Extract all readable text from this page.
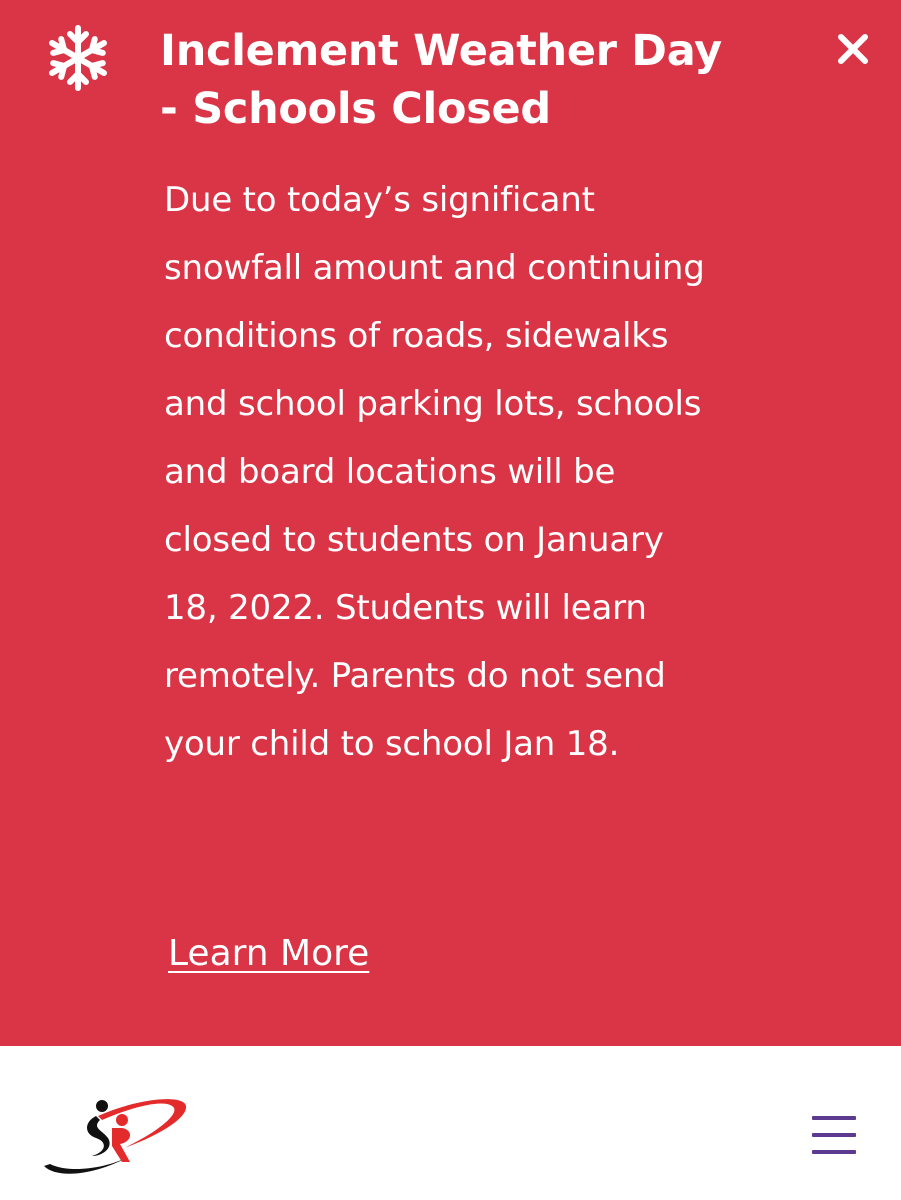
Inclement Weather Day
- Schools Closed
Due to today’s significant
snowfall amount and continuing
conditions of roads, sidewalks
and school parking lots, schools
and board locations will be
closed to students on January
18, 2022. Students will learn
remotely. Parents do not send
your child to school Jan 18.
Learn More
